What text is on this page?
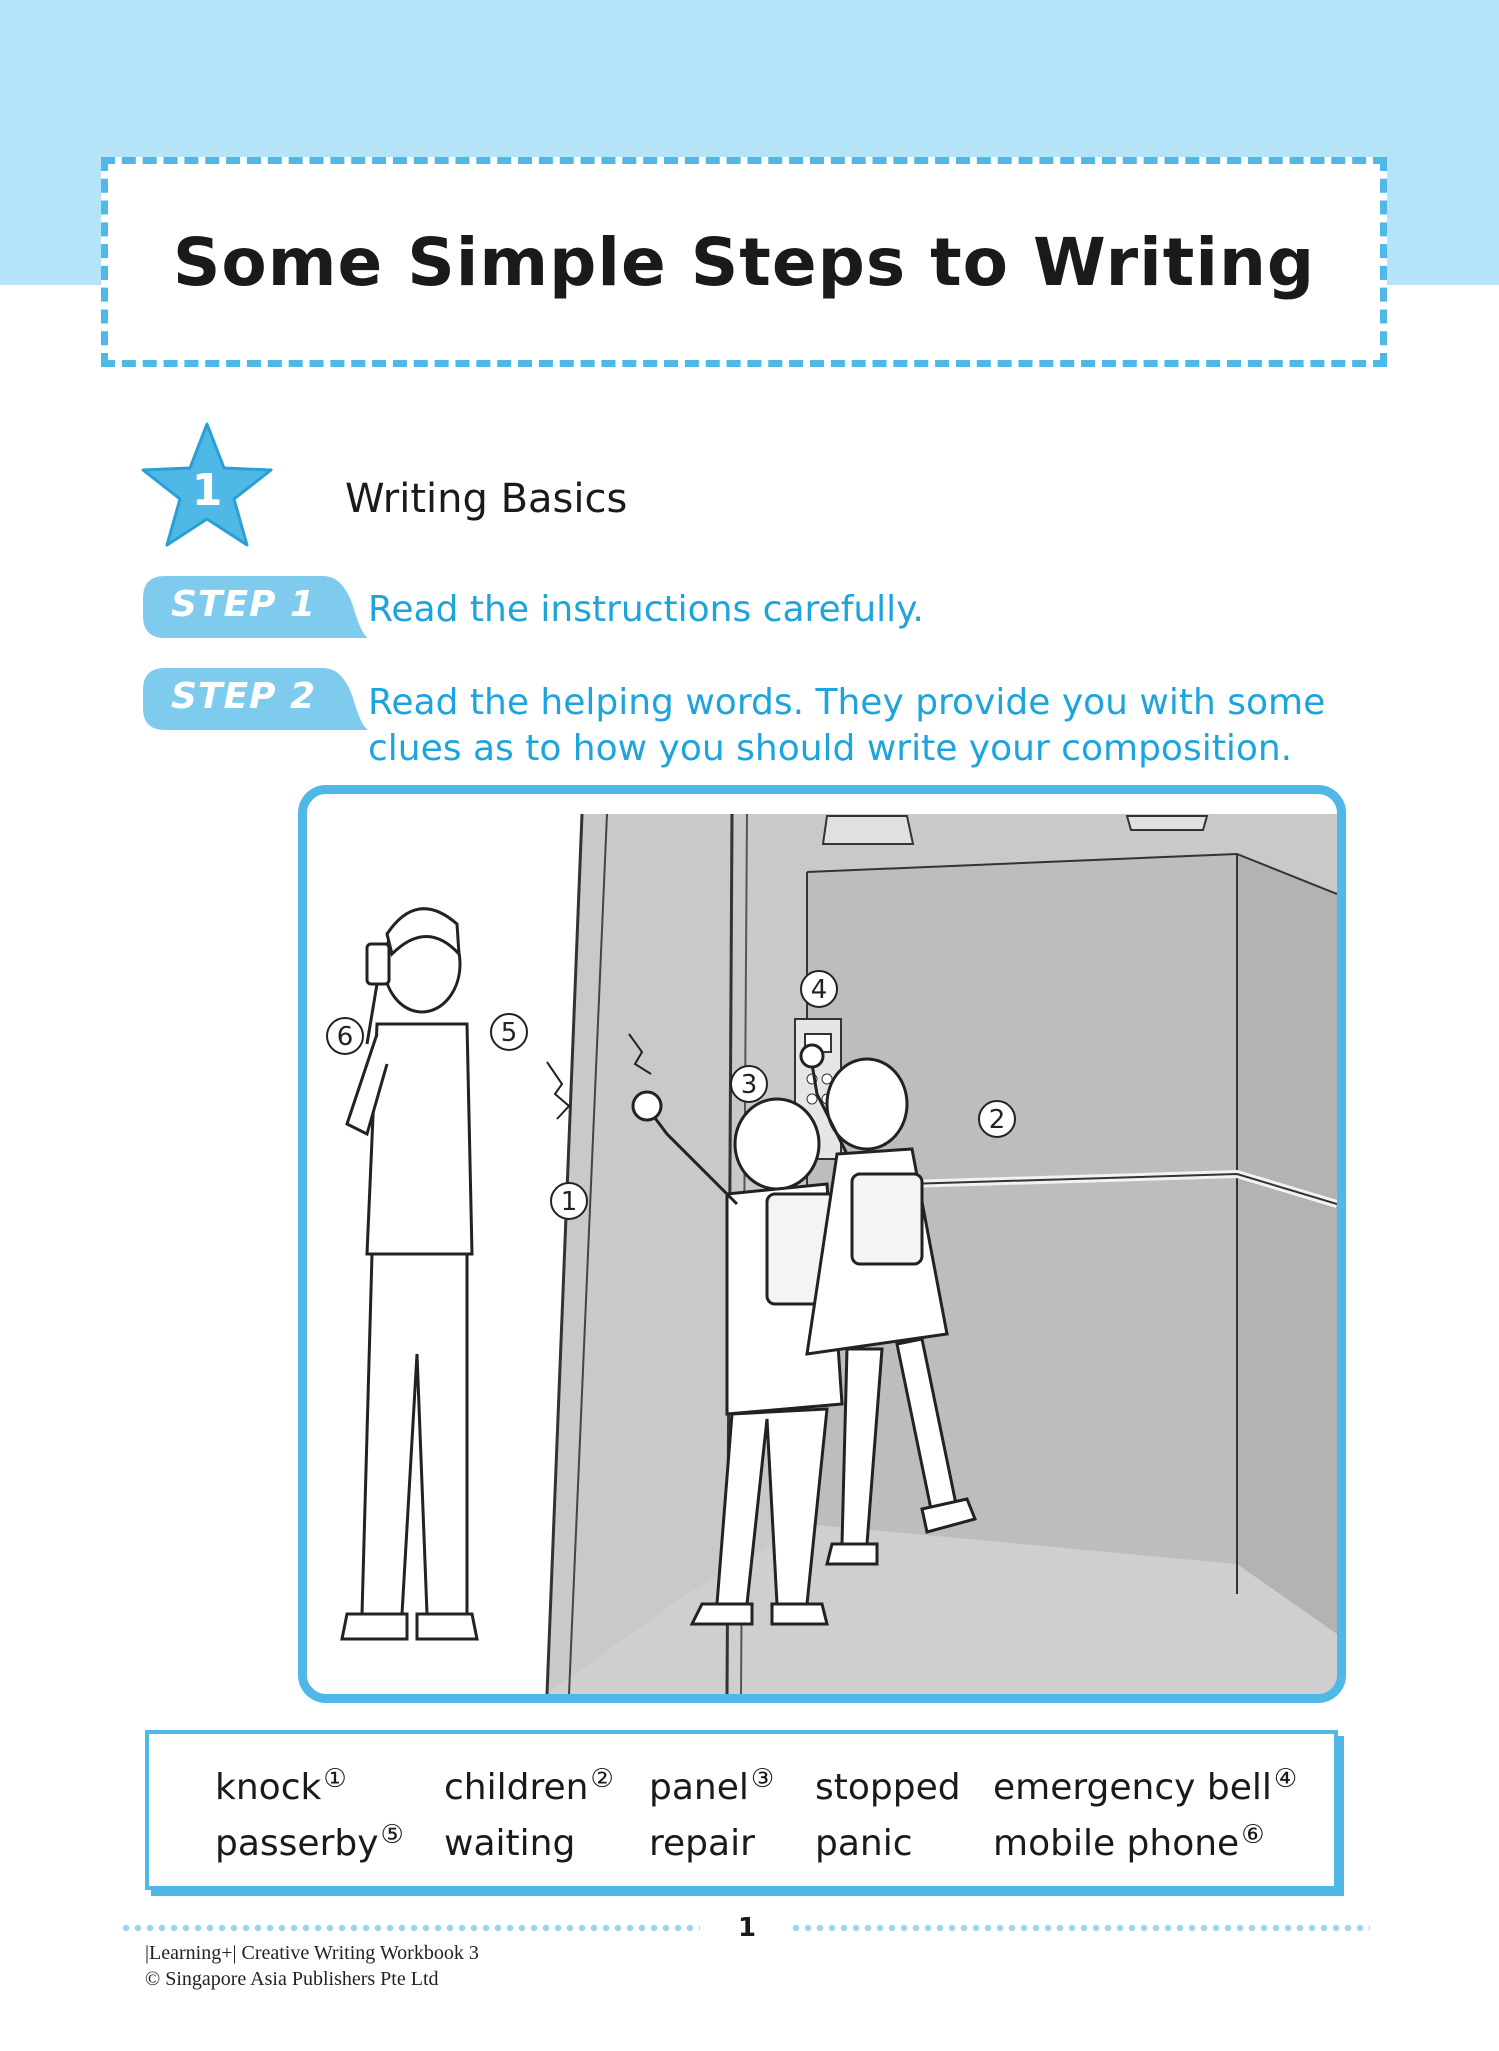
Some Simple Steps to Writing
1	Writing Basics
STEP 1 Read the instructions carefully.
STEP 2 Read the helping words. They provide you with some
clues as to how you should write your composition.
1
2
3
4
5
6
knock①	children② panel③ stopped emergency bell④
passerby⑤ waiting repair panic mobile phone⑥
1
|Learning+| Creative Writing Workbook 3
© Singapore Asia Publishers Pte Ltd
